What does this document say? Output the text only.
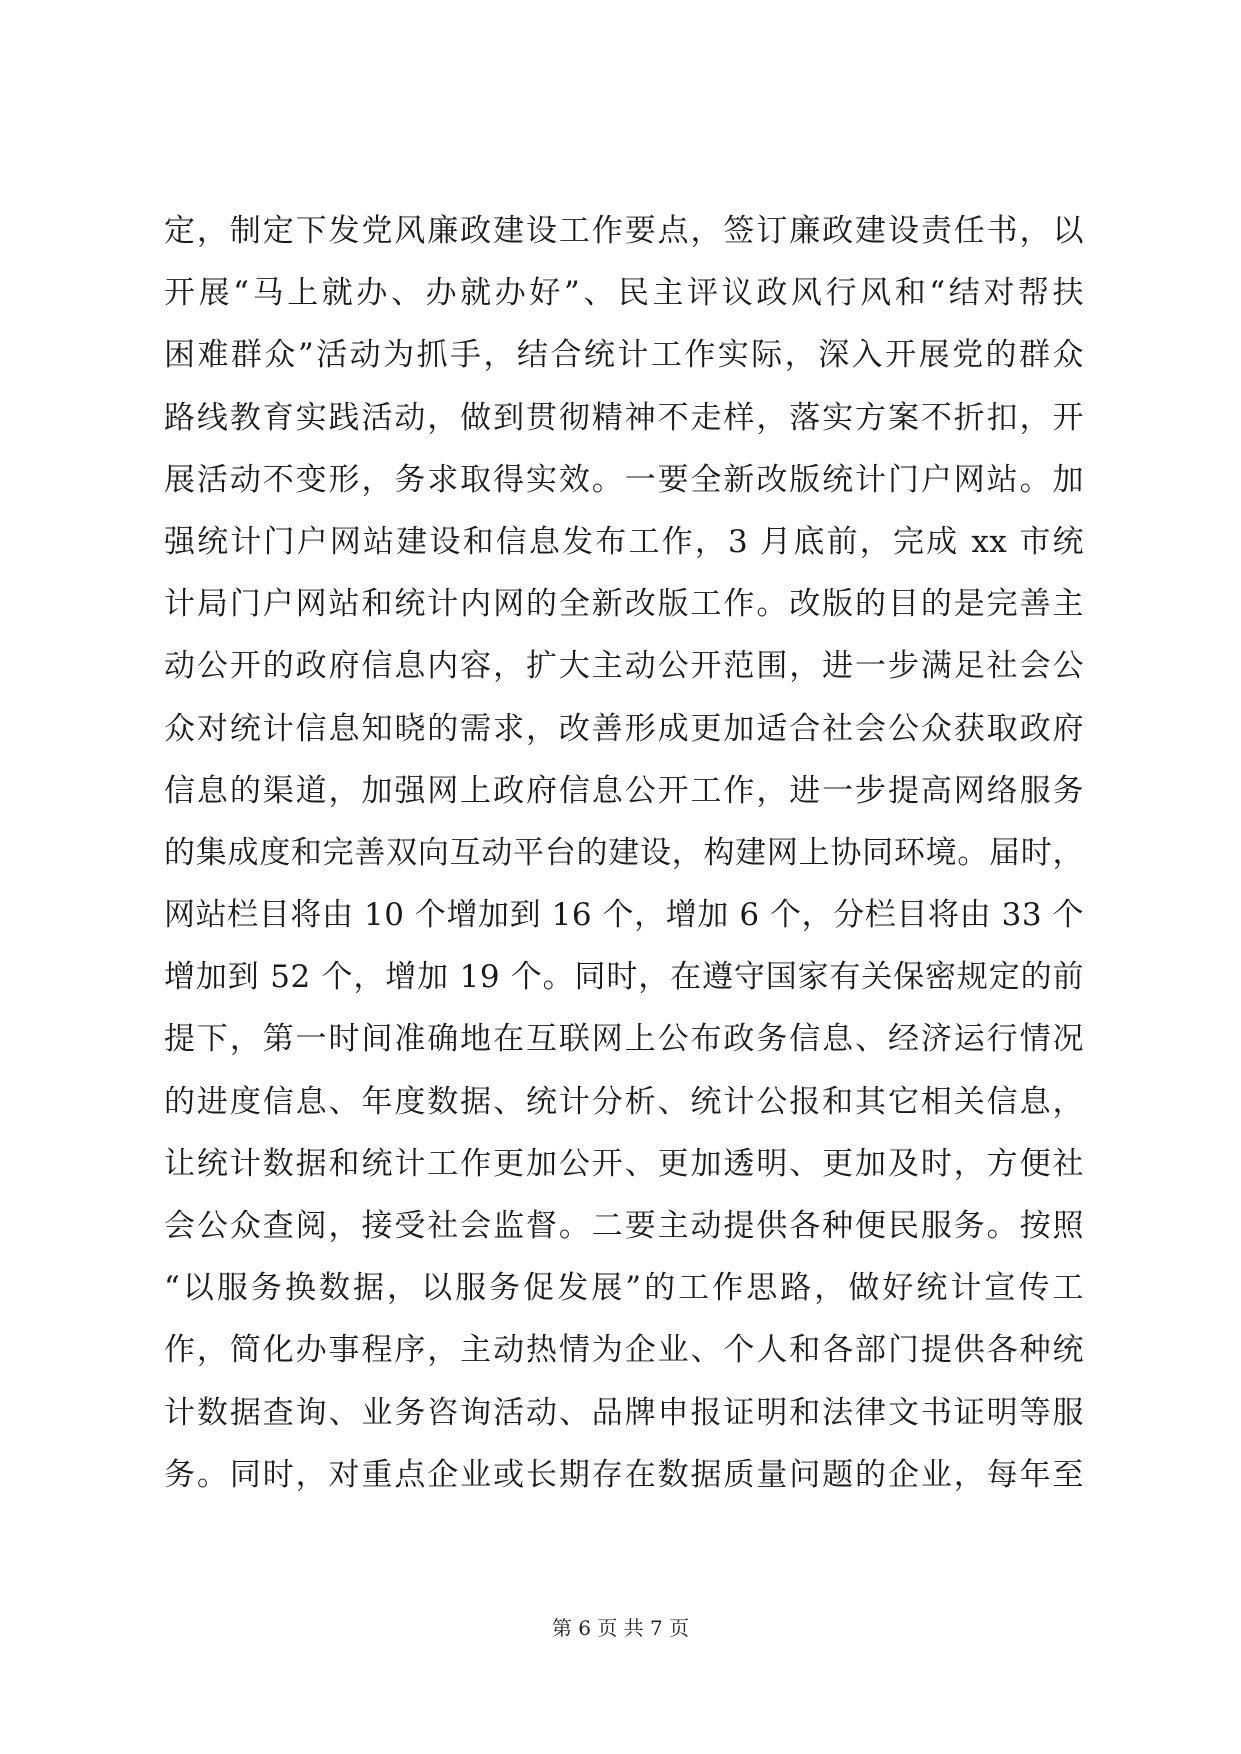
定，制定下发党风廉政建设工作要点，签订廉政建设责任书，以
开展“马上就办、办就办好”、民主评议政风行风和“结对帮扶
困难群众”活动为抓手，结合统计工作实际，深入开展党的群众
路线教育实践活动，做到贯彻精神不走样，落实方案不折扣，开
展活动不变形，务求取得实效。一要全新改版统计门户网站。加
强统计门户网站建设和信息发布工作，3 月底前，完成 xx 市统
计局门户网站和统计内网的全新改版工作。改版的目的是完善主
动公开的政府信息内容，扩大主动公开范围，进一步满足社会公
众对统计信息知晓的需求，改善形成更加适合社会公众获取政府
信息的渠道，加强网上政府信息公开工作，进一步提高网络服务
的集成度和完善双向互动平台的建设，构建网上协同环境。届时，
网站栏目将由 10 个增加到 16 个，增加 6 个，分栏目将由 33 个
增加到 52 个，增加 19 个。同时，在遵守国家有关保密规定的前
提下，第一时间准确地在互联网上公布政务信息、经济运行情况
的进度信息、年度数据、统计分析、统计公报和其它相关信息，
让统计数据和统计工作更加公开、更加透明、更加及时，方便社
会公众查阅，接受社会监督。二要主动提供各种便民服务。按照
“以服务换数据，以服务促发展”的工作思路，做好统计宣传工
作，简化办事程序，主动热情为企业、个人和各部门提供各种统
计数据查询、业务咨询活动、品牌申报证明和法律文书证明等服
务。同时，对重点企业或长期存在数据质量问题的企业，每年至
第 6 页 共 7 页
